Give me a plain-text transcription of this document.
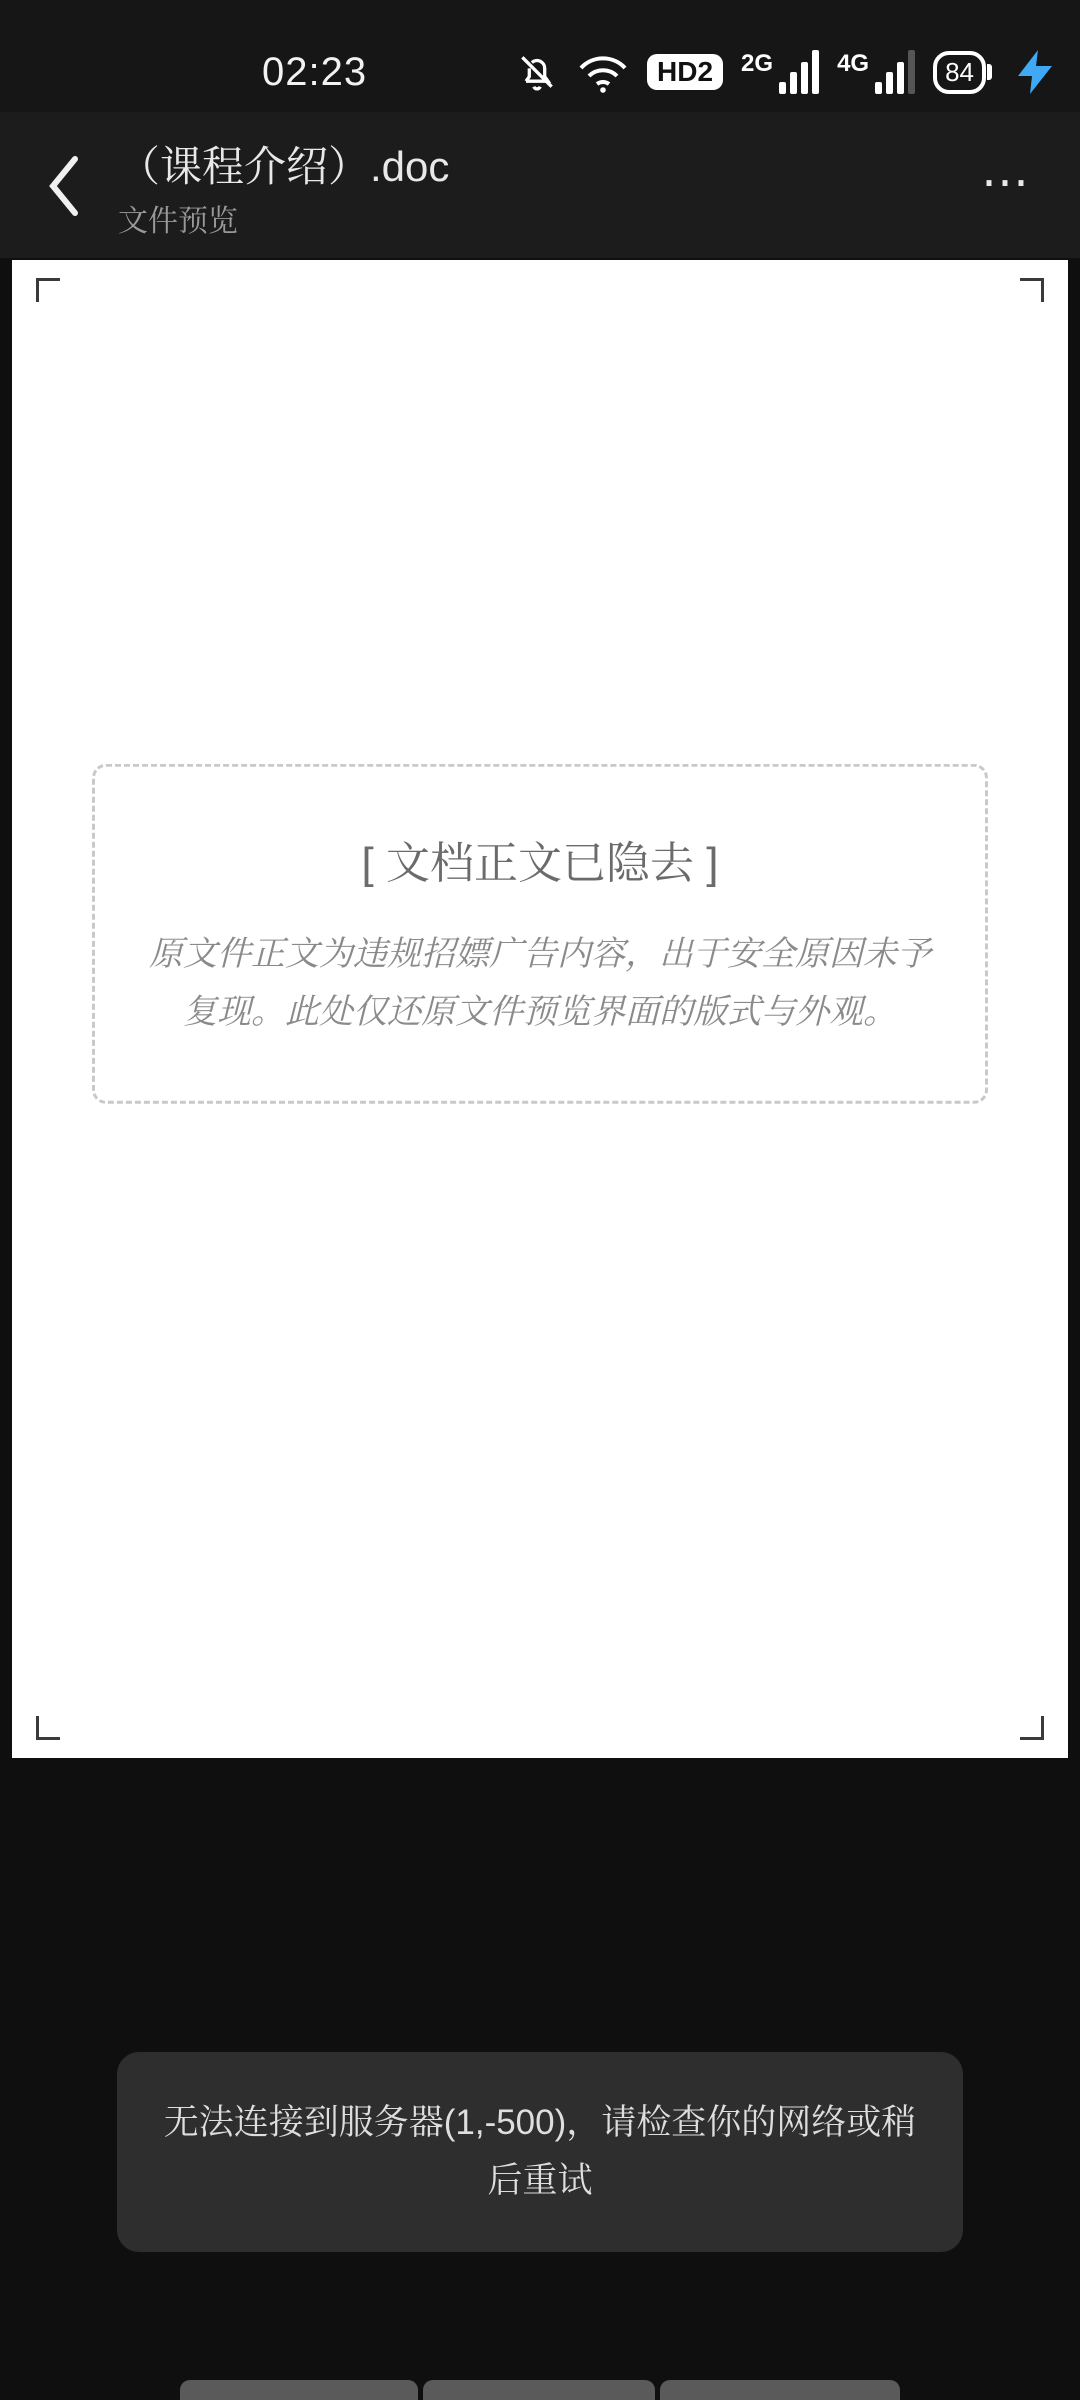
02:23	HD2	2G	4G	84
（课程介绍）.doc
文件预览
⋯
[ 文档正文已隐去 ]
原文件正文为违规招嫖广告内容，出于安全原因未予复现。此处仅还原文件预览界面的版式与外观。
无法连接到服务器(1,-500)，请检查你的网络或稍后重试
